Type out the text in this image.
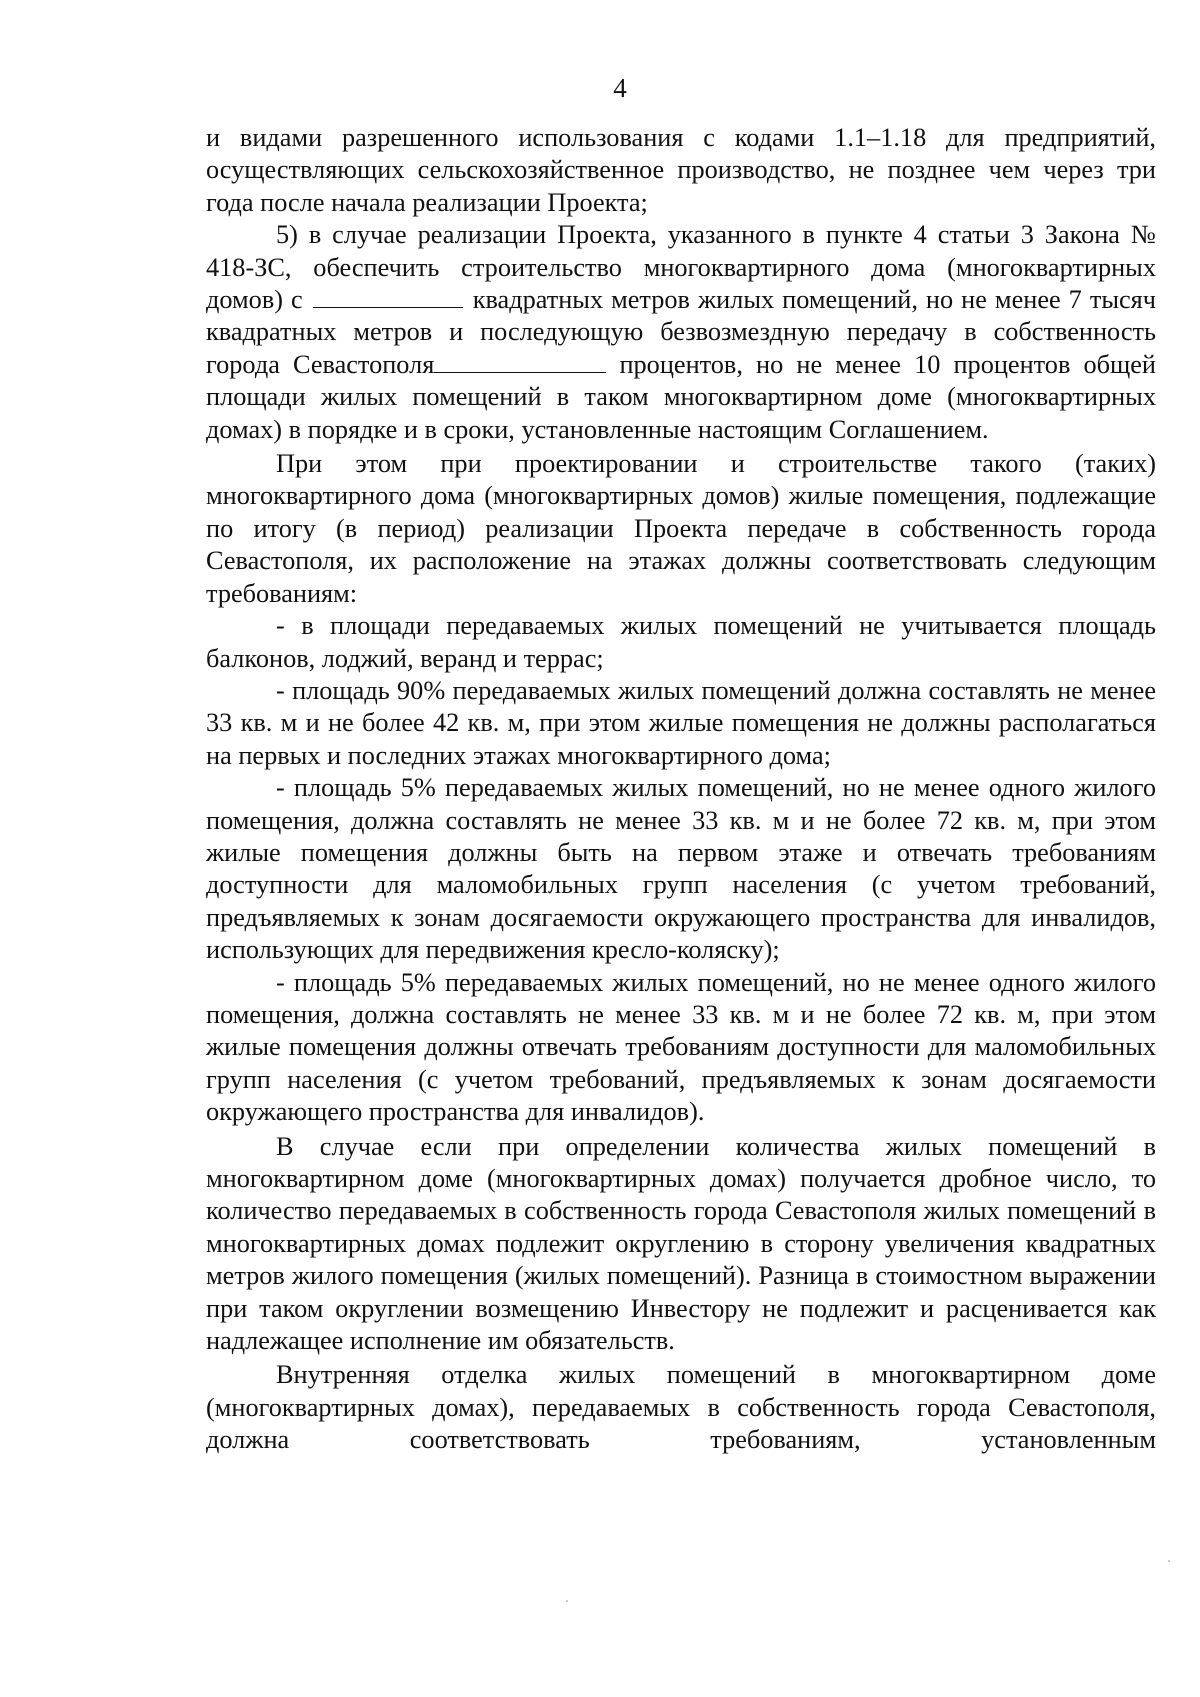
4

и видами разрешенного использования с кодами 1.1–1.18 для предприятий, осуществляющих сельскохозяйственное производство, не позднее чем через три года после начала реализации Проекта;

5) в случае реализации Проекта, указанного в пункте 4 статьи 3 Закона № 418-ЗС, обеспечить строительство многоквартирного дома (многоквартирных домов) с	квадратных метров жилых помещений, но не менее 7 тысяч квадратных метров и последующую безвозмездную передачу в собственность города Севастополя	процентов, но не менее 10 процентов общей площади жилых помещений в таком многоквартирном доме (многоквартирных домах) в порядке и в сроки, установленные настоящим Соглашением.

При этом при проектировании и строительстве такого (таких) многоквартирного дома (многоквартирных домов) жилые помещения, подлежащие по итогу (в период) реализации Проекта передаче в собственность города Севастополя, их расположение на этажах должны соответствовать следующим требованиям:

- в площади передаваемых жилых помещений не учитывается площадь балконов, лоджий, веранд и террас;

- площадь 90% передаваемых жилых помещений должна составлять не менее 33 кв. м и не более 42 кв. м, при этом жилые помещения не должны располагаться на первых и последних этажах многоквартирного дома;

- площадь 5% передаваемых жилых помещений, но не менее одного жилого помещения, должна составлять не менее 33 кв. м и не более 72 кв. м, при этом жилые помещения должны быть на первом этаже и отвечать требованиям доступности для маломобильных групп населения (с учетом требований, предъявляемых к зонам досягаемости окружающего пространства для инвалидов, использующих для передвижения кресло-коляску);

- площадь 5% передаваемых жилых помещений, но не менее одного жилого помещения, должна составлять не менее 33 кв. м и не более 72 кв. м, при этом жилые помещения должны отвечать требованиям доступности для маломобильных групп населения (с учетом требований, предъявляемых к зонам досягаемости окружающего пространства для инвалидов).

В случае если при определении количества жилых помещений в многоквартирном доме (многоквартирных домах) получается дробное число, то количество передаваемых в собственность города Севастополя жилых помещений в многоквартирных домах подлежит округлению в сторону увеличения квадратных метров жилого помещения (жилых помещений). Разница в стоимостном выражении при таком округлении возмещению Инвестору не подлежит и расценивается как надлежащее исполнение им обязательств.

Внутренняя отделка жилых помещений в многоквартирном доме (многоквартирных домах), передаваемых в собственность города Севастополя, должна соответствовать требованиям, установленным
